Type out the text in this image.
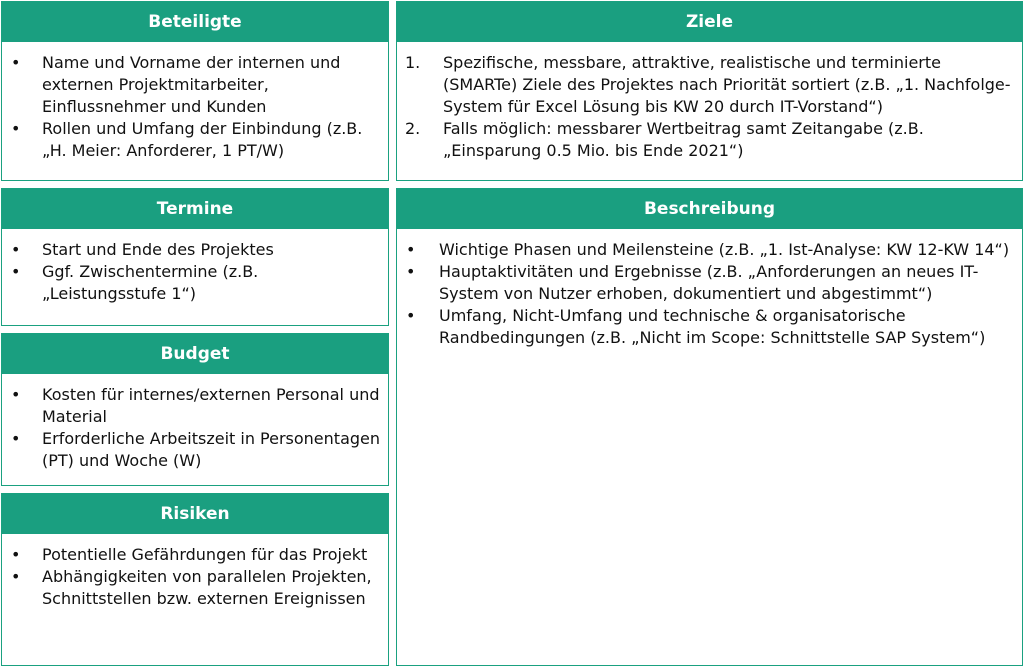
Beteiligte
• Name und Vorname der internen und externen Projektmitarbeiter, Einflussnehmer und Kunden
• Rollen und Umfang der Einbindung (z.B. „H. Meier: Anforderer, 1 PT/W)
Ziele
1. Spezifische, messbare, attraktive, realistische und terminierte (SMARTe) Ziele des Projektes nach Priorität sortiert (z.B. „1. Nachfolge-System für Excel Lösung bis KW 20 durch IT-Vorstand“)
2. Falls möglich: messbarer Wertbeitrag samt Zeitangabe (z.B. „Einsparung 0.5 Mio. bis Ende 2021“)
Termine
• Start und Ende des Projektes
• Ggf. Zwischentermine (z.B. „Leistungsstufe 1“)
Beschreibung
• Wichtige Phasen und Meilensteine (z.B. „1. Ist-Analyse: KW 12-KW 14“)
• Hauptaktivitäten und Ergebnisse (z.B. „Anforderungen an neues IT-System von Nutzer erhoben, dokumentiert und abgestimmt“)
• Umfang, Nicht-Umfang und technische & organisatorische Randbedingungen (z.B. „Nicht im Scope: Schnittstelle SAP System“)
Budget
• Kosten für internes/externen Personal und Material
• Erforderliche Arbeitszeit in Personentagen (PT) und Woche (W)
Risiken
• Potentielle Gefährdungen für das Projekt
• Abhängigkeiten von parallelen Projekten, Schnittstellen bzw. externen Ereignissen
